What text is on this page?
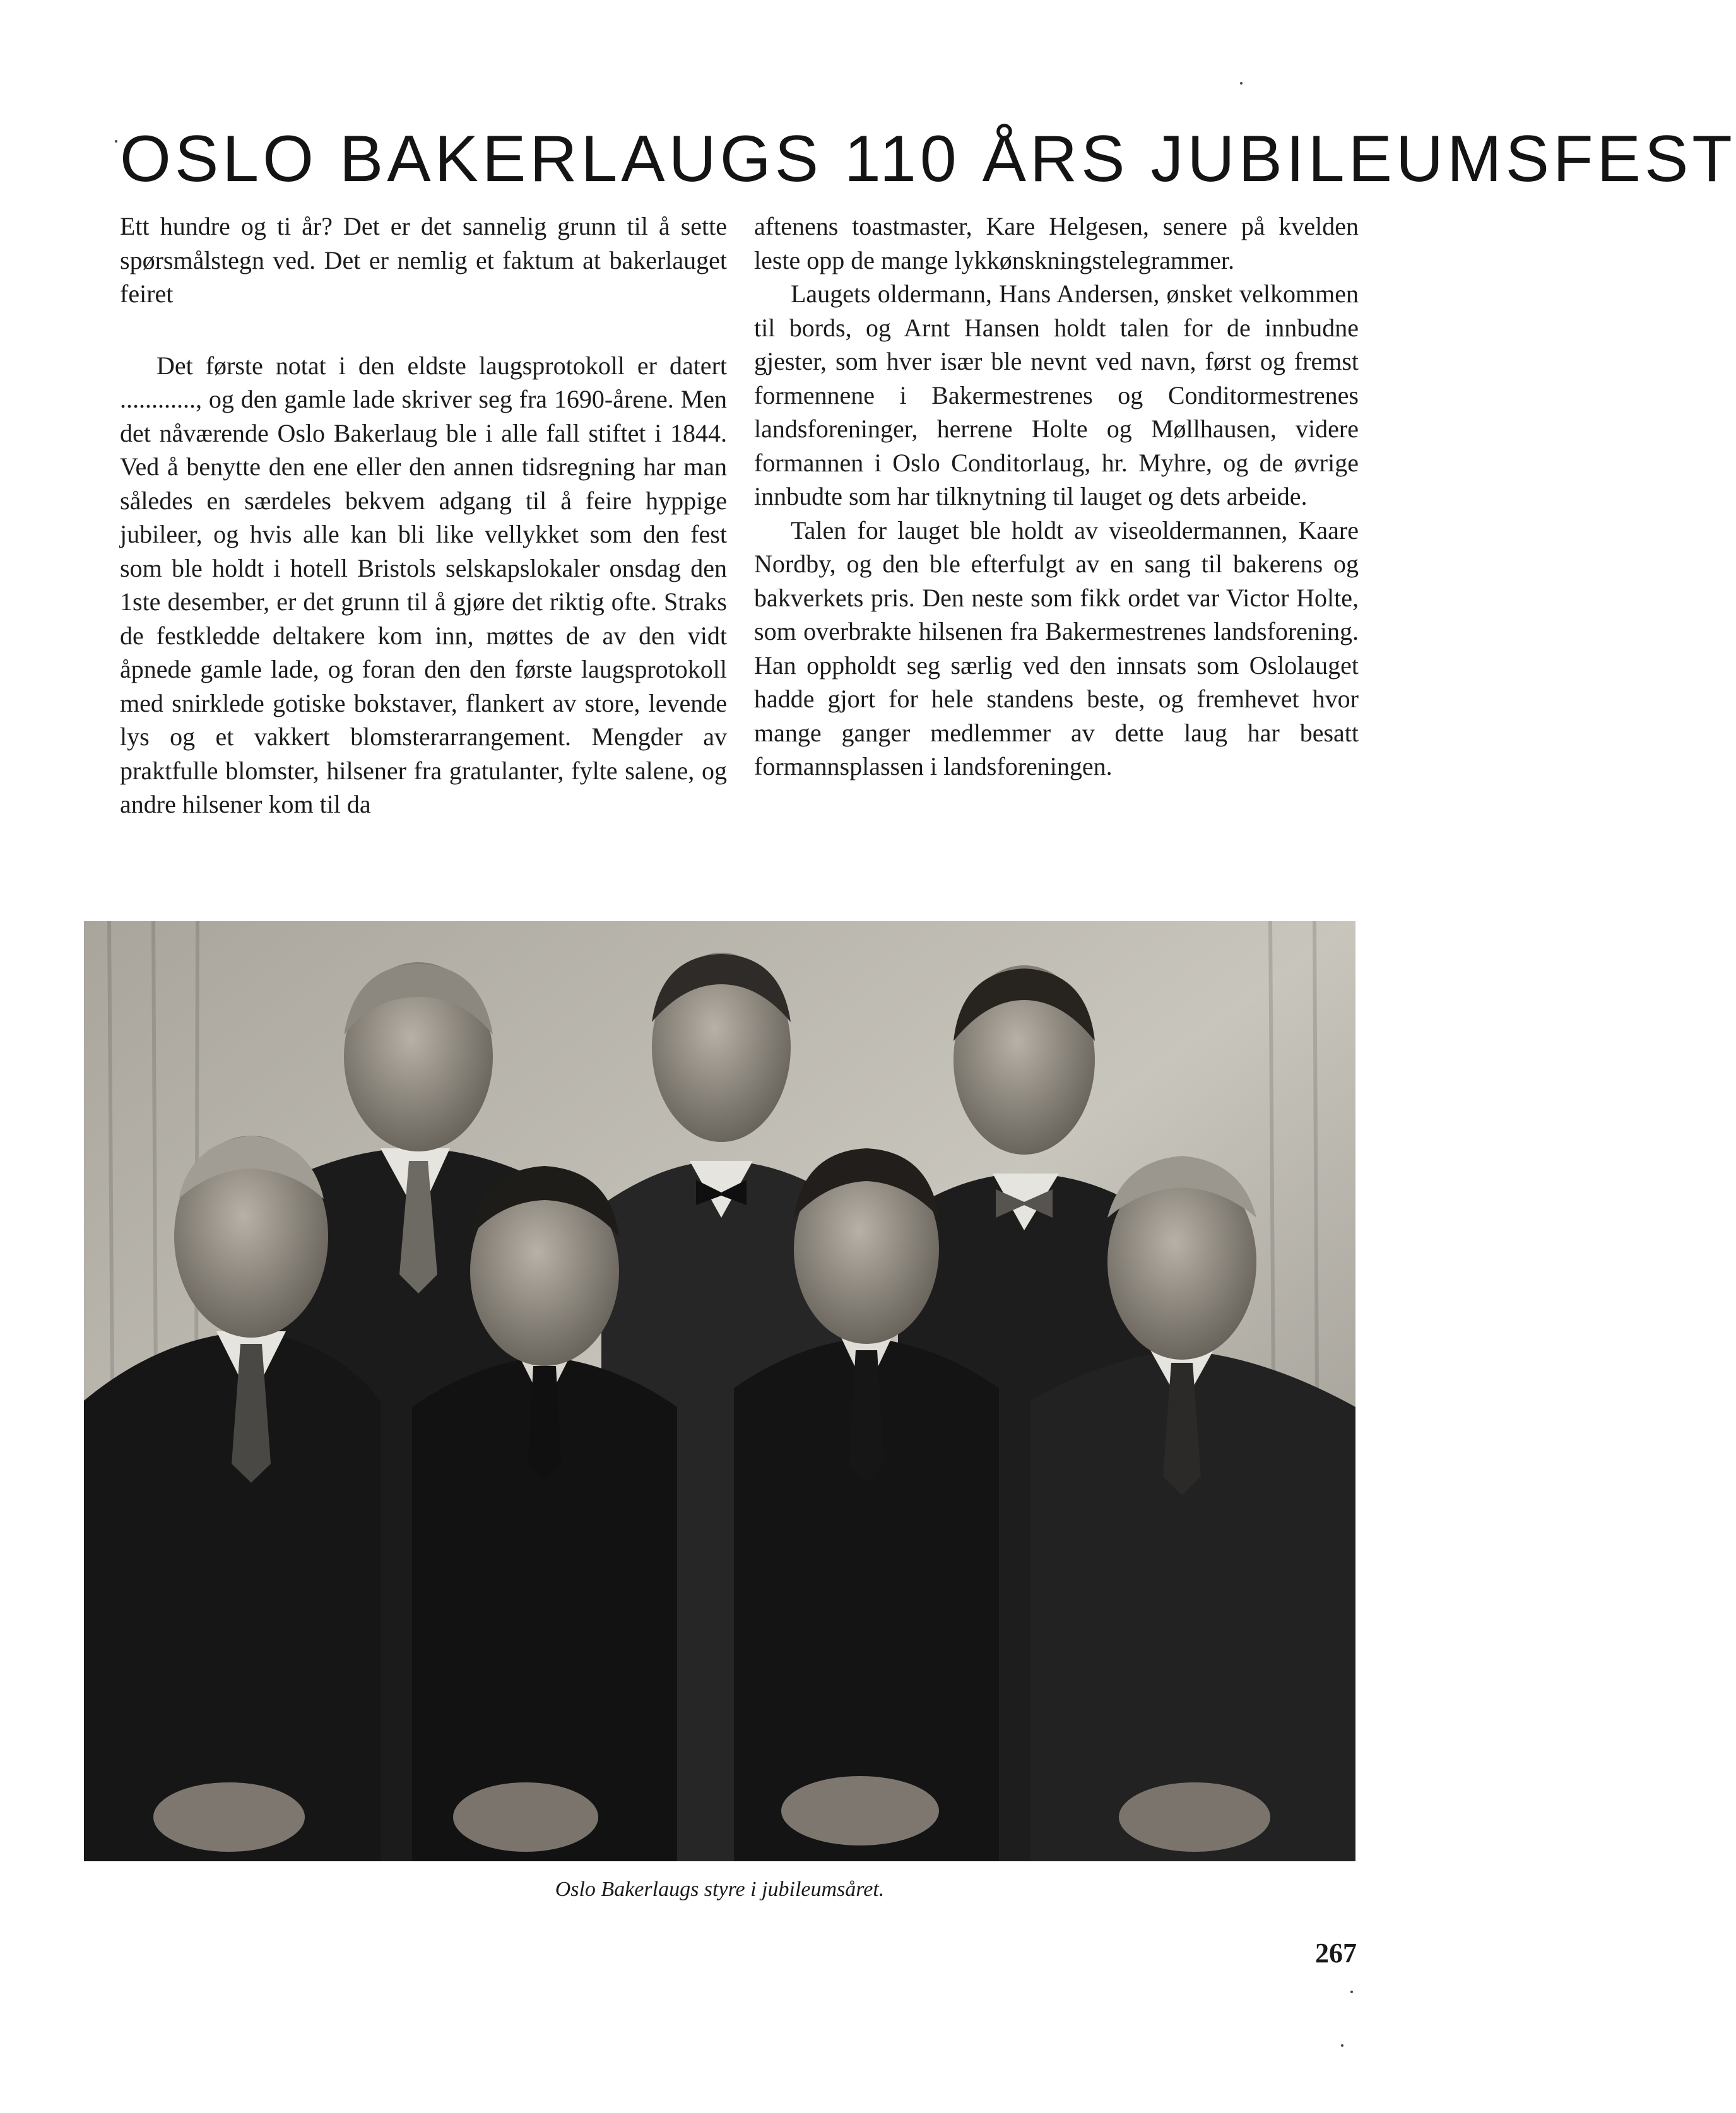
OSLO BAKERLAUGS 110 ÅRS JUBILEUMSFEST

Ett hundre og ti år? Det er det sannelig grunn til å sette spørsmålstegn ved. Det er nemlig et faktum at bakerlauget feiret

Det første notat i den eldste laugsprotokoll er datert ............, og den gamle lade skriver seg fra 1690-årene. Men det nåværende Oslo Bakerlaug ble i alle fall stiftet i 1844. Ved å benytte den ene eller den annen tidsregning har man således en særdeles bekvem adgang til å feire hyppige jubileer, og hvis alle kan bli like vellykket som den fest som ble holdt i hotell Bristols selskapslokaler onsdag den 1ste desember, er det grunn til å gjøre det riktig ofte. Straks de festkledde deltakere kom inn, møttes de av den vidt åpnede gamle lade, og foran den den første laugsprotokoll med snirklede gotiske bokstaver, flankert av store, levende lys og et vakkert blomsterarrangement. Mengder av praktfulle blomster, hilsener fra gratulanter, fylte salene, og andre hilsener kom til da

aftenens toastmaster, Kare Helgesen, senere på kvelden leste opp de mange lykkønskningstelegrammer.

Laugets oldermann, Hans Andersen, ønsket velkommen til bords, og Arnt Hansen holdt talen for de innbudne gjester, som hver især ble nevnt ved navn, først og fremst formennene i Bakermestrenes og Conditormestrenes landsforeninger, herrene Holte og Møllhausen, videre formannen i Oslo Conditorlaug, hr. Myhre, og de øvrige innbudte som har tilknytning til lauget og dets arbeide.

Talen for lauget ble holdt av viseoldermannen, Kaare Nordby, og den ble efterfulgt av en sang til bakerens og bakverkets pris. Den neste som fikk ordet var Victor Holte, som overbrakte hilsenen fra Bakermestrenes landsforening. Han oppholdt seg særlig ved den innsats som Oslolauget hadde gjort for hele standens beste, og fremhevet hvor mange ganger medlemmer av dette laug har besatt formannsplassen i landsforeningen.

Oslo Bakerlaugs styre i jubileumsåret.
267
